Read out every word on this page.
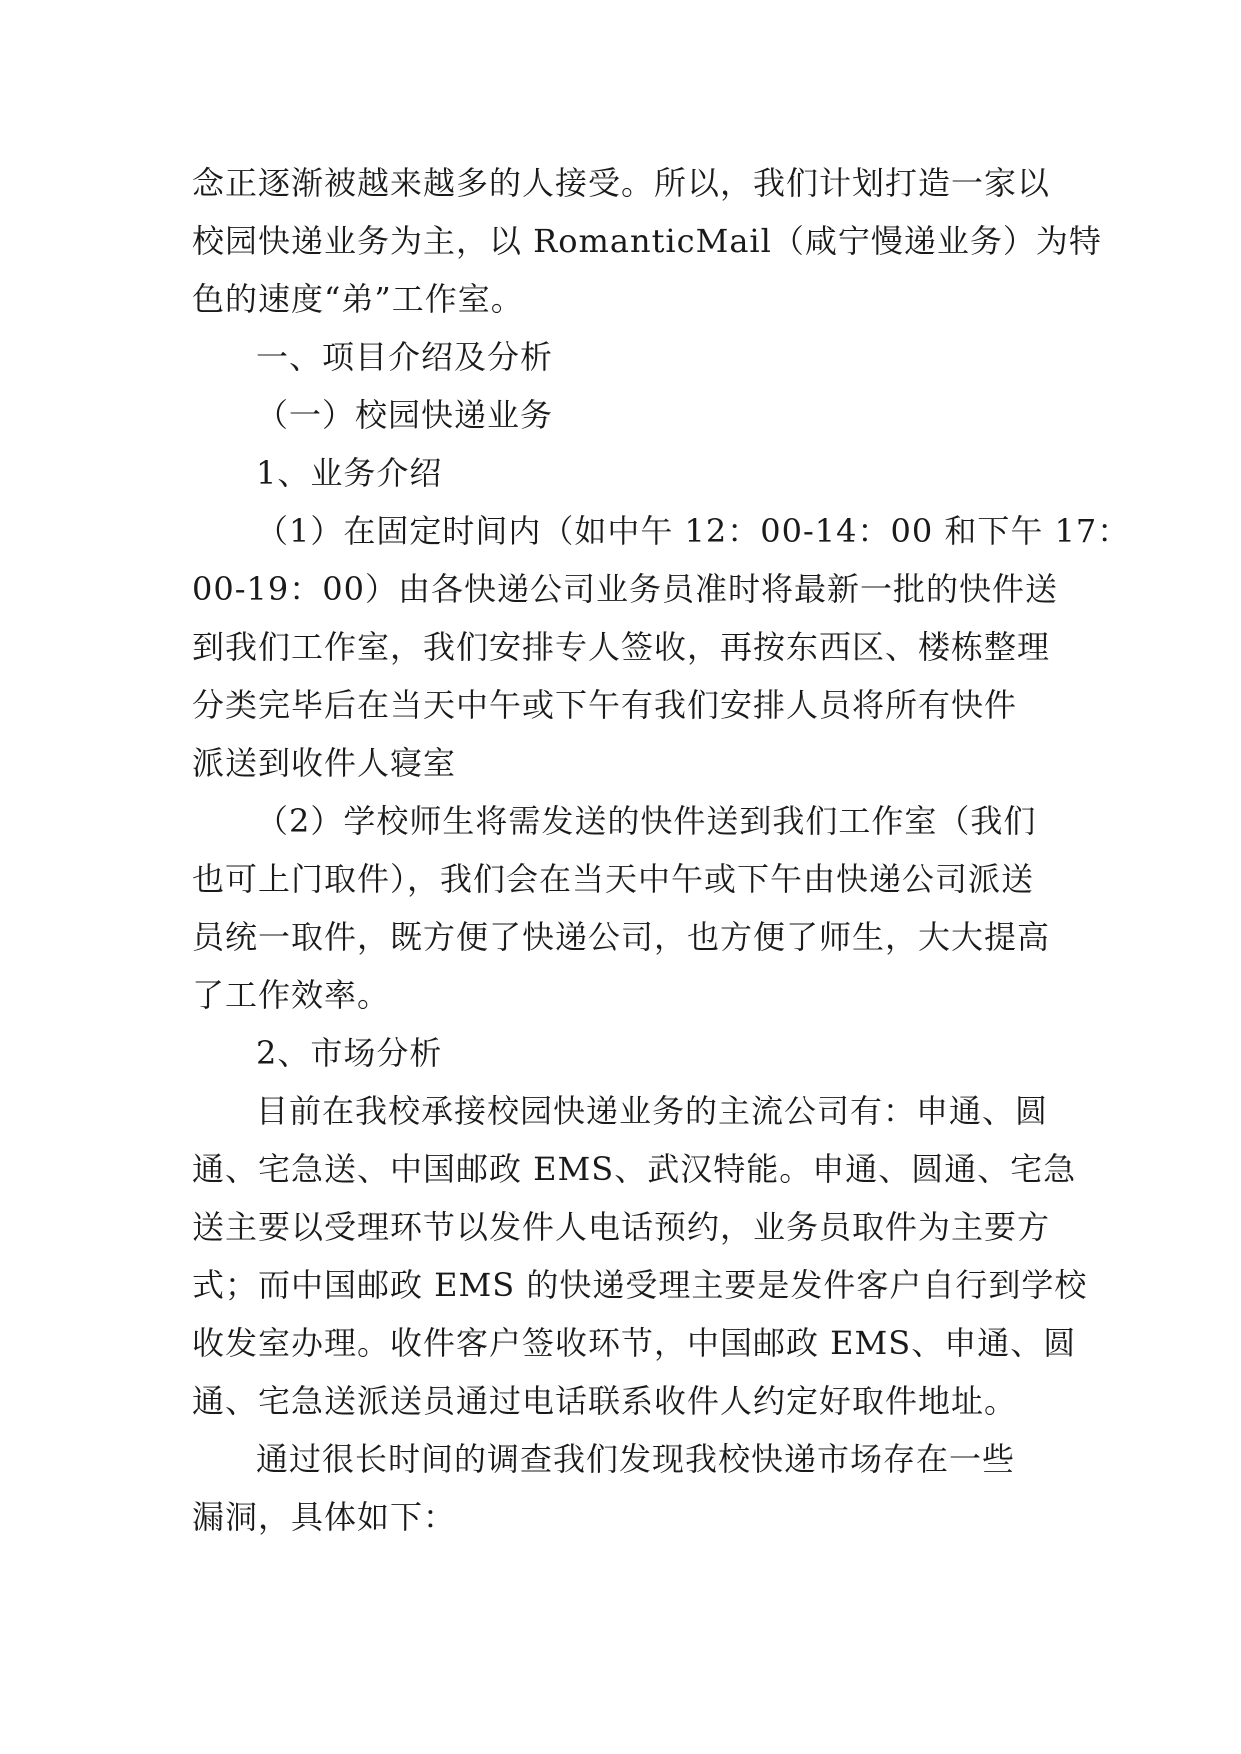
念正逐渐被越来越多的人接受。所以，我们计划打造一家以
校园快递业务为主，以 RomanticMail（咸宁慢递业务）为特
色的速度“弟”工作室。
一、项目介绍及分析
（一）校园快递业务
1、业务介绍
（1）在固定时间内（如中午 12：00-14：00 和下午 17：
00-19：00）由各快递公司业务员准时将最新一批的快件送
到我们工作室，我们安排专人签收，再按东西区、楼栋整理
分类完毕后在当天中午或下午有我们安排人员将所有快件
派送到收件人寝室
（2）学校师生将需发送的快件送到我们工作室（我们
也可上门取件），我们会在当天中午或下午由快递公司派送
员统一取件，既方便了快递公司，也方便了师生，大大提高
了工作效率。
2、市场分析
目前在我校承接校园快递业务的主流公司有：申通、圆
通、宅急送、中国邮政 EMS、武汉特能。申通、圆通、宅急
送主要以受理环节以发件人电话预约，业务员取件为主要方
式；而中国邮政 EMS 的快递受理主要是发件客户自行到学校
收发室办理。收件客户签收环节，中国邮政 EMS、申通、圆
通、宅急送派送员通过电话联系收件人约定好取件地址。
通过很长时间的调查我们发现我校快递市场存在一些
漏洞，具体如下：
